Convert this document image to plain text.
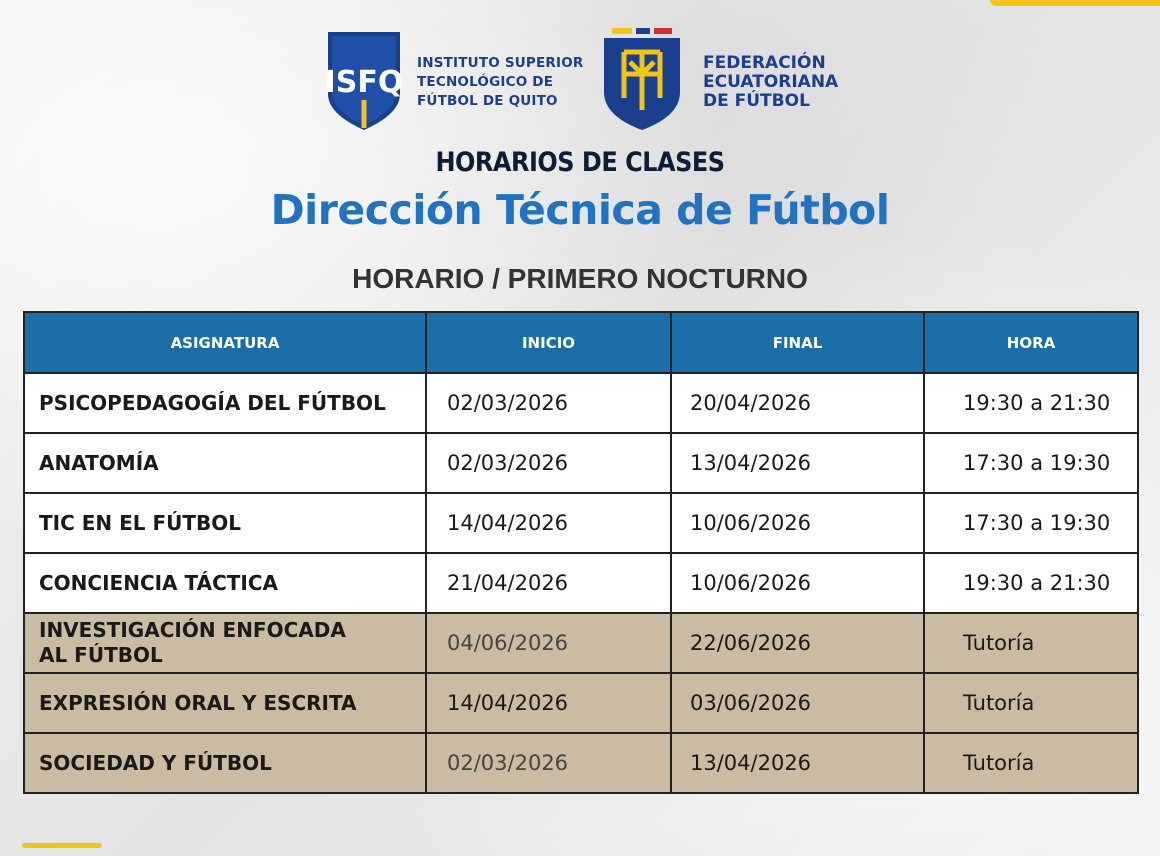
ISFQ
INSTITUTO SUPERIOR
TECNOLÓGICO DE
FÚTBOL DE QUITO
FEDERACIÓN
ECUATORIANA
DE FÚTBOL
HORARIOS DE CLASES
Dirección Técnica de Fútbol
HORARIO / PRIMERO NOCTURNO
ASIGNATURA	INICIO	FINAL	HORA
PSICOPEDAGOGÍA DEL FÚTBOL	02/03/2026	20/04/2026	19:30 a 21:30
ANATOMÍA	02/03/2026	13/04/2026	17:30 a 19:30
TIC EN EL FÚTBOL	14/04/2026	10/06/2026	17:30 a 19:30
CONCIENCIA TÁCTICA	21/04/2026	10/06/2026	19:30 a 21:30
INVESTIGACIÓN ENFOCADA
AL FÚTBOL	04/06/2026	22/06/2026	Tutoría
EXPRESIÓN ORAL Y ESCRITA	14/04/2026	03/06/2026	Tutoría
SOCIEDAD Y FÚTBOL	02/03/2026	13/04/2026	Tutoría
